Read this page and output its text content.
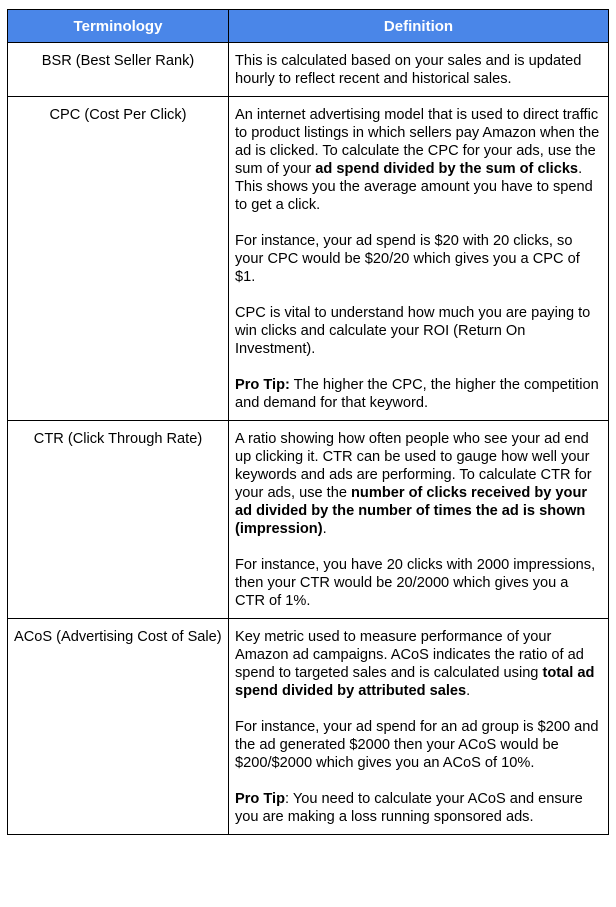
Terminology	Definition
BSR (Best Seller Rank)	This is calculated based on your sales and is updated hourly to reflect recent and historical sales.

CPC (Cost Per Click)	An internet advertising model that is used to direct traffic to product listings in which sellers pay Amazon when the ad is clicked. To calculate the CPC for your ads, use the sum of your ad spend divided by the sum of clicks. This shows you the average amount you have to spend to get a click.

For instance, your ad spend is $20 with 20 clicks, so your CPC would be $20/20 which gives you a CPC of $1.

CPC is vital to understand how much you are paying to win clicks and calculate your ROI (Return On Investment).

Pro Tip: The higher the CPC, the higher the competition and demand for that keyword.

CTR (Click Through Rate)	A ratio showing how often people who see your ad end up clicking it. CTR can be used to gauge how well your keywords and ads are performing. To calculate CTR for your ads, use the number of clicks received by your ad divided by the number of times the ad is shown (impression).

For instance, you have 20 clicks with 2000 impressions, then your CTR would be 20/2000 which gives you a CTR of 1%.

ACoS (Advertising Cost of Sale)	Key metric used to measure performance of your Amazon ad campaigns. ACoS indicates the ratio of ad spend to targeted sales and is calculated using total ad spend divided by attributed sales.

For instance, your ad spend for an ad group is $200 and the ad generated $2000 then your ACoS would be $200/$2000 which gives you an ACoS of 10%.

Pro Tip: You need to calculate your ACoS and ensure you are making a loss running sponsored ads.
